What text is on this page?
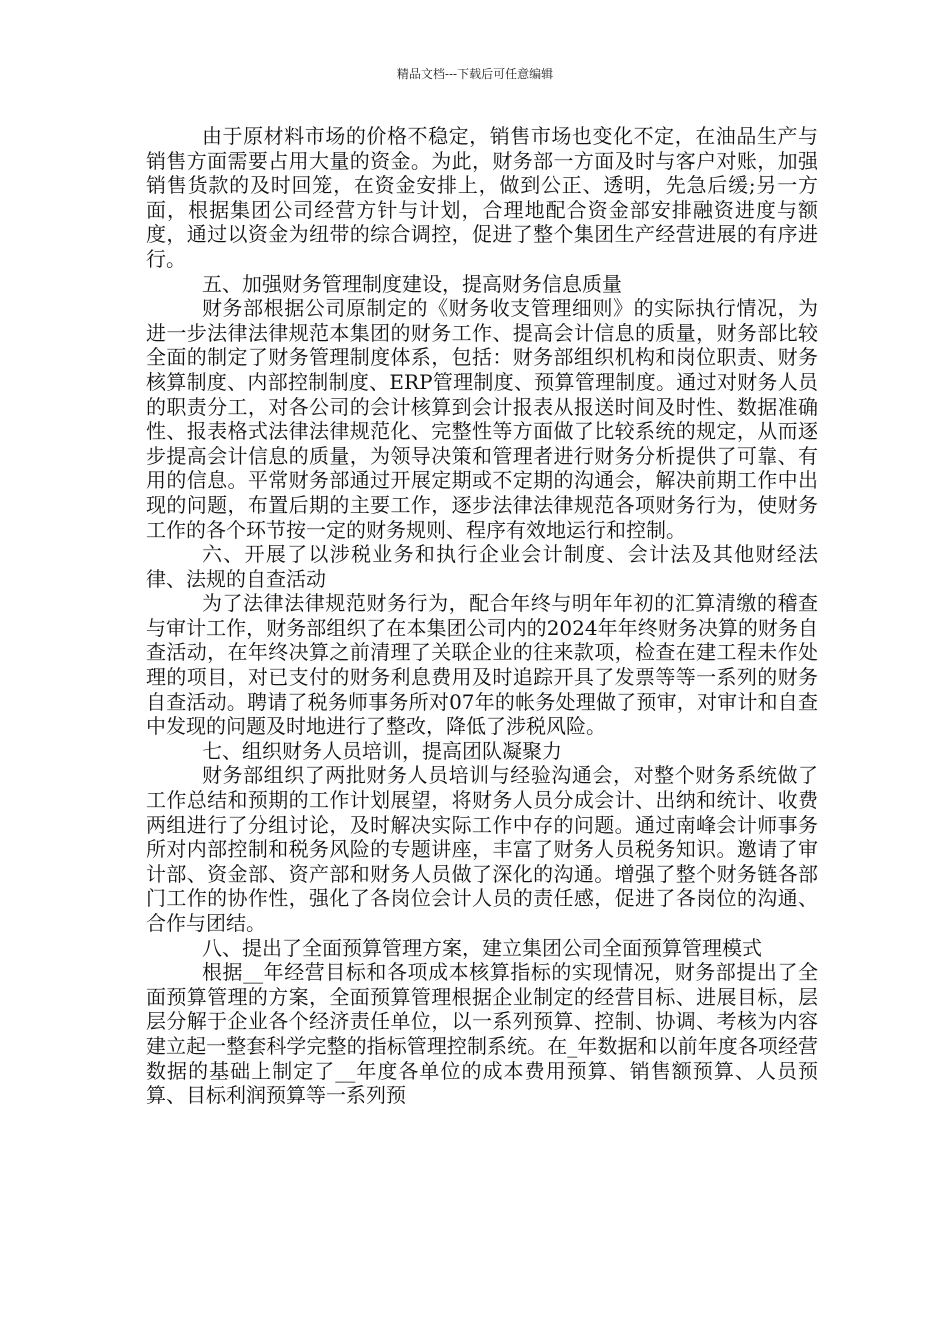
精品文档---下载后可任意编辑

由于原材料市场的价格不稳定，销售市场也变化不定，在油品生产与销售方面需要占用大量的资金。为此，财务部一方面及时与客户对账，加强销售货款的及时回笼，在资金安排上，做到公正、透明，先急后缓;另一方面，根据集团公司经营方针与计划，合理地配合资金部安排融资进度与额度，通过以资金为纽带的综合调控，促进了整个集团生产经营进展的有序进行。

五、加强财务管理制度建设，提高财务信息质量

财务部根据公司原制定的《财务收支管理细则》的实际执行情况，为进一步法律法律规范本集团的财务工作、提高会计信息的质量，财务部比较全面的制定了财务管理制度体系，包括：财务部组织机构和岗位职责、财务核算制度、内部控制制度、ERP管理制度、预算管理制度。通过对财务人员的职责分工，对各公司的会计核算到会计报表从报送时间及时性、数据准确性、报表格式法律法律规范化、完整性等方面做了比较系统的规定，从而逐步提高会计信息的质量，为领导决策和管理者进行财务分析提供了可靠、有用的信息。平常财务部通过开展定期或不定期的沟通会，解决前期工作中出现的问题，布置后期的主要工作，逐步法律法律规范各项财务行为，使财务工作的各个环节按一定的财务规则、程序有效地运行和控制。

六、开展了以涉税业务和执行企业会计制度、会计法及其他财经法律、法规的自查活动

为了法律法律规范财务行为，配合年终与明年年初的汇算清缴的稽查与审计工作，财务部组织了在本集团公司内的2024年年终财务决算的财务自查活动，在年终决算之前清理了关联企业的往来款项，检查在建工程未作处理的项目，对已支付的财务利息费用及时追踪开具了发票等等一系列的财务自查活动。聘请了税务师事务所对07年的帐务处理做了预审，对审计和自查中发现的问题及时地进行了整改，降低了涉税风险。

七、组织财务人员培训，提高团队凝聚力

财务部组织了两批财务人员培训与经验沟通会，对整个财务系统做了工作总结和预期的工作计划展望，将财务人员分成会计、出纳和统计、收费两组进行了分组讨论，及时解决实际工作中存的问题。通过南峰会计师事务所对内部控制和税务风险的专题讲座，丰富了财务人员税务知识。邀请了审计部、资金部、资产部和财务人员做了深化的沟通。增强了整个财务链各部门工作的协作性，强化了各岗位会计人员的责任感，促进了各岗位的沟通、合作与团结。

八、提出了全面预算管理方案，建立集团公司全面预算管理模式

根据__年经营目标和各项成本核算指标的实现情况，财务部提出了全面预算管理的方案，全面预算管理根据企业制定的经营目标、进展目标，层层分解于企业各个经济责任单位，以一系列预算、控制、协调、考核为内容建立起一整套科学完整的指标管理控制系统。在_年数据和以前年度各项经营数据的基础上制定了__年度各单位的成本费用预算、销售额预算、人员预算、目标利润预算等一系列预
